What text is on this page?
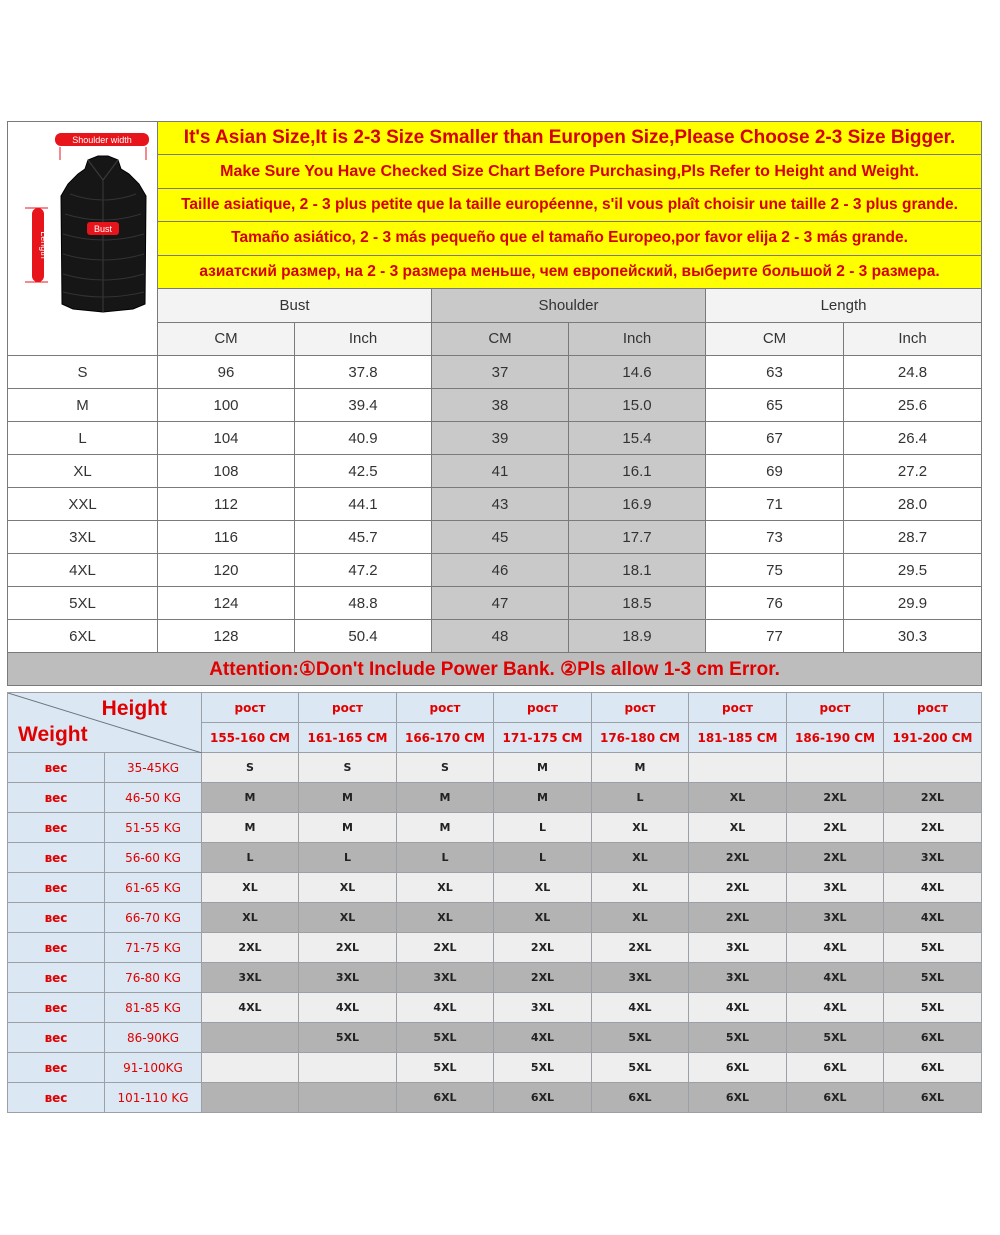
Shoulder width
Length
Bust	It's Asian Size,It is 2-3 Size Smaller than Europen Size,Please Choose 2-3 Size Bigger.					
	Make Sure You Have Checked Size Chart Before Purchasing,Pls Refer to Height and Weight.					
	Taille asiatique, 2 - 3 plus petite que la taille européenne, s'il vous plaît choisir une taille 2 - 3 plus grande.					
	Tamaño asiático, 2 - 3 más pequeño que el tamaño Europeo,por favor elija 2 - 3 más grande.					
	азиатский размер, на 2 - 3 размера меньше, чем европейский, выберите большой 2 - 3 размера.					
	Bust		Shoulder		Length	
	CM	Inch	CM	Inch	CM	Inch
S	96	37.8	37	14.6	63	24.8
M	100	39.4	38	15.0	65	25.6
L	104	40.9	39	15.4	67	26.4
XL	108	42.5	41	16.1	69	27.2
XXL	112	44.1	43	16.9	71	28.0
3XL	116	45.7	45	17.7	73	28.7
4XL	120	47.2	46	18.1	75	29.5
5XL	124	48.8	47	18.5	76	29.9
6XL	128	50.4	48	18.9	77	30.3
Attention:①Don't Include Power Bank. ②Pls allow 1-3 cm Error.						
Height
Weight		рост	рост	рост	рост	рост	рост	рост	рост
		155-160 CM	161-165 CM	166-170 CM	171-175 CM	176-180 CM	181-185 CM	186-190 CM	191-200 CM
вес	35-45KG	S	S	S	M	M			
вес	46-50 KG	M	M	M	M	L	XL	2XL	2XL
вес	51-55 KG	M	M	M	L	XL	XL	2XL	2XL
вес	56-60 KG	L	L	L	L	XL	2XL	2XL	3XL
вес	61-65 KG	XL	XL	XL	XL	XL	2XL	3XL	4XL
вес	66-70 KG	XL	XL	XL	XL	XL	2XL	3XL	4XL
вес	71-75 KG	2XL	2XL	2XL	2XL	2XL	3XL	4XL	5XL
вес	76-80 KG	3XL	3XL	3XL	2XL	3XL	3XL	4XL	5XL
вес	81-85 KG	4XL	4XL	4XL	3XL	4XL	4XL	4XL	5XL
вес	86-90KG		5XL	5XL	4XL	5XL	5XL	5XL	6XL
вес	91-100KG			5XL	5XL	5XL	6XL	6XL	6XL
вес	101-110 KG			6XL	6XL	6XL	6XL	6XL	6XL
